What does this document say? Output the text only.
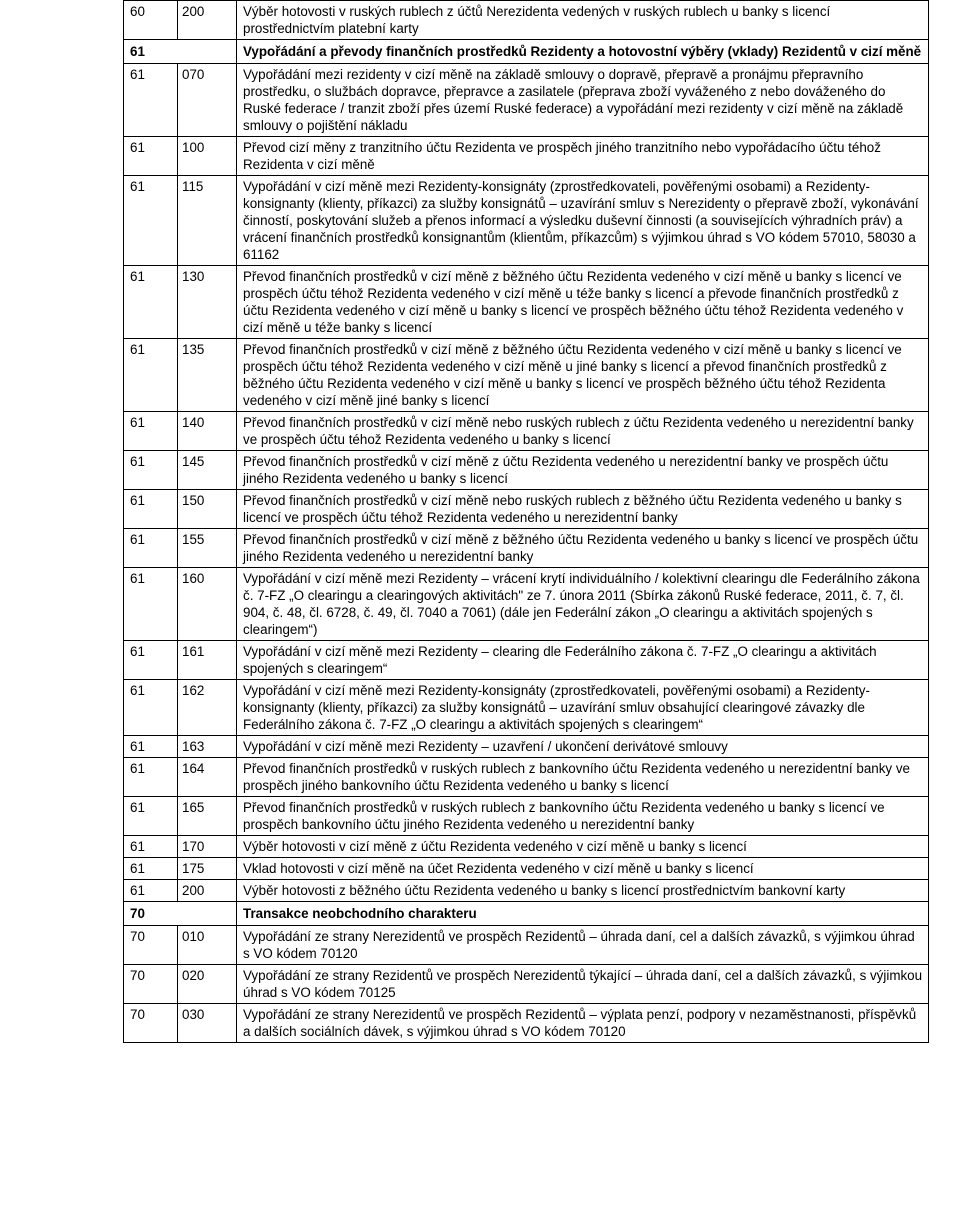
60	200	Výběr hotovosti v ruských rublech z účtů Nerezidenta vedených v ruských rublech u banky s licencí prostřednictvím platební karty
61		Vypořádání a převody finančních prostředků Rezidenty a hotovostní výběry (vklady) Rezidentů v cizí měně
61	070	Vypořádání mezi rezidenty v cizí měně na základě smlouvy o dopravě, přepravě a pronájmu přepravního prostředku, o službách dopravce, přepravce a zasilatele (přeprava zboží vyváženého z nebo dováženého do Ruské federace / tranzit zboží přes území Ruské federace) a vypořádání mezi rezidenty v cizí měně na základě smlouvy o pojištění nákladu
61	100	Převod cizí měny z tranzitního účtu Rezidenta ve prospěch jiného tranzitního nebo vypořádacího účtu téhož Rezidenta v cizí měně
61	115	Vypořádání v cizí měně mezi Rezidenty-konsignáty (zprostředkovateli, pověřenými osobami) a Rezidenty-konsignanty (klienty, příkazci) za služby konsignátů – uzavírání smluv s Nerezidenty o přepravě zboží, vykonávání činností, poskytování služeb a přenos informací a výsledku duševní činnosti (a souvisejících výhradních práv) a vrácení finančních prostředků konsignantům (klientům, příkazcům) s výjimkou úhrad s VO kódem 57010, 58030 a 61162
61	130	Převod finančních prostředků v cizí měně z běžného účtu Rezidenta vedeného v cizí měně u banky s licencí ve prospěch účtu téhož Rezidenta vedeného v cizí měně u téže banky s licencí a převode finančních prostředků z účtu Rezidenta vedeného v cizí měně u banky s licencí ve prospěch běžného účtu téhož Rezidenta vedeného v cizí měně u téže banky s licencí
61	135	Převod finančních prostředků v cizí měně z běžného účtu Rezidenta vedeného v cizí měně u banky s licencí ve prospěch účtu téhož Rezidenta vedeného v cizí měně u jiné banky s licencí a převod finančních prostředků z běžného účtu Rezidenta vedeného v cizí měně u banky s licencí ve prospěch běžného účtu téhož Rezidenta vedeného v cizí měně jiné banky s licencí
61	140	Převod finančních prostředků v cizí měně nebo ruských rublech z účtu Rezidenta vedeného u nerezidentní banky ve prospěch účtu téhož Rezidenta vedeného u banky s licencí
61	145	Převod finančních prostředků v cizí měně z účtu Rezidenta vedeného u nerezidentní banky ve prospěch účtu jiného Rezidenta vedeného u banky s licencí
61	150	Převod finančních prostředků v cizí měně nebo ruských rublech z běžného účtu Rezidenta vedeného u banky s licencí ve prospěch účtu téhož Rezidenta vedeného u nerezidentní banky
61	155	Převod finančních prostředků v cizí měně z běžného účtu Rezidenta vedeného u banky s licencí ve prospěch účtu jiného Rezidenta vedeného u nerezidentní banky
61	160	Vypořádání v cizí měně mezi Rezidenty – vrácení krytí individuálního / kolektivní clearingu dle Federálního zákona č. 7-FZ „O clearingu a clearingových aktivitách" ze 7. února 2011 (Sbírka zákonů Ruské federace, 2011, č. 7, čl. 904, č. 48, čl. 6728, č. 49, čl. 7040 a 7061) (dále jen Federální zákon „O clearingu a aktivitách spojených s clearingem“)
61	161	Vypořádání v cizí měně mezi Rezidenty – clearing dle Federálního zákona č. 7-FZ „O clearingu a aktivitách spojených s clearingem“
61	162	Vypořádání v cizí měně mezi Rezidenty-konsignáty (zprostředkovateli, pověřenými osobami) a Rezidenty- konsignanty (klienty, příkazci) za služby konsignátů – uzavírání smluv obsahující clearingové závazky dle Federálního zákona č. 7-FZ „O clearingu a aktivitách spojených s clearingem“
61	163	Vypořádání v cizí měně mezi Rezidenty – uzavření / ukončení derivátové smlouvy
61	164	Převod finančních prostředků v ruských rublech z bankovního účtu Rezidenta vedeného u nerezidentní banky ve prospěch jiného bankovního účtu Rezidenta vedeného u banky s licencí
61	165	Převod finančních prostředků v ruských rublech z bankovního účtu Rezidenta vedeného u banky s licencí ve prospěch bankovního účtu jiného Rezidenta vedeného u nerezidentní banky
61	170	Výběr hotovosti v cizí měně z účtu Rezidenta vedeného v cizí měně u banky s licencí
61	175	Vklad hotovosti v cizí měně na účet Rezidenta vedeného v cizí měně u banky s licencí
61	200	Výběr hotovosti z běžného účtu Rezidenta vedeného u banky s licencí prostřednictvím bankovní karty
70		Transakce neobchodního charakteru
70	010	Vypořádání ze strany Nerezidentů ve prospěch Rezidentů – úhrada daní, cel a dalších závazků, s výjimkou úhrad s VO kódem 70120
70	020	Vypořádání ze strany Rezidentů ve prospěch Nerezidentů týkající – úhrada daní, cel a dalších závazků, s výjimkou úhrad s VO kódem 70125
70	030	Vypořádání ze strany Nerezidentů ve prospěch Rezidentů – výplata penzí, podpory v nezaměstnanosti, příspěvků a dalších sociálních dávek, s výjimkou úhrad s VO kódem 70120
